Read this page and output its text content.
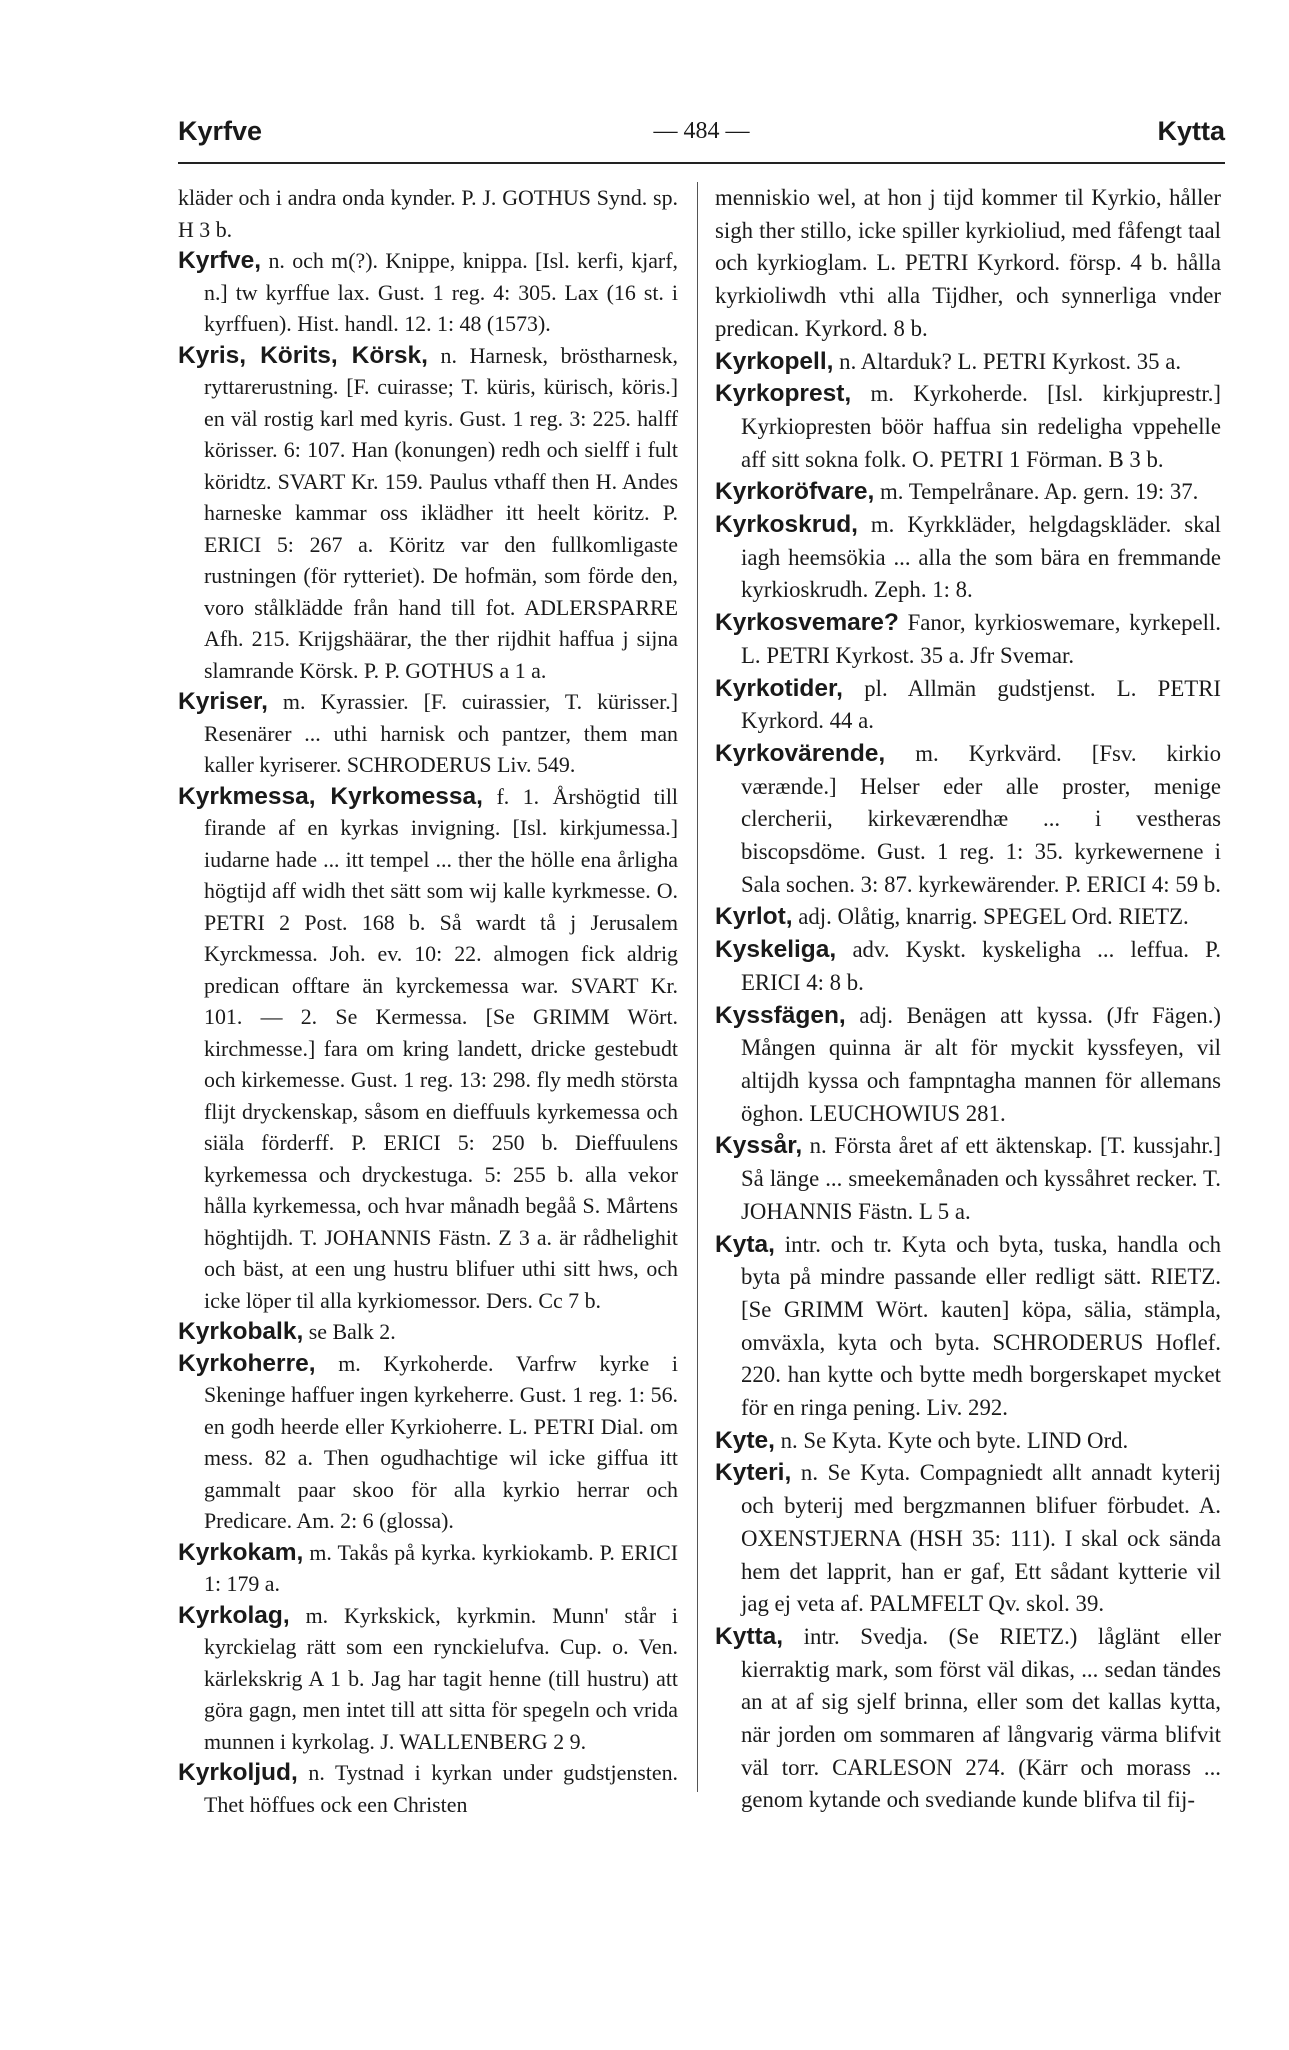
Kyrfve	— 484 —	Kytta

kläder och i andra onda kynder. P. J. GOTHUS Synd. sp. H 3 b.

Kyrfve, n. och m(?). Knippe, knippa. [Isl. kerfi, kjarf, n.] tw kyrffue lax. Gust. 1 reg. 4: 305. Lax (16 st. i kyrffuen). Hist. handl. 12. 1: 48 (1573).

Kyris, Körits, Körsk, n. Harnesk, bröstharnesk, ryttarerustning. [F. cuirasse; T. küris, kürisch, köris.] en väl rostig karl med kyris. Gust. 1 reg. 3: 225. halff körisser. 6: 107. Han (konungen) redh och sielff i fult köridtz. SVART Kr. 159. Paulus vthaff then H. Andes harneske kammar oss iklädher itt heelt köritz. P. ERICI 5: 267 a. Köritz var den fullkomligaste rustningen (för rytteriet). De hofmän, som förde den, voro stålklädde från hand till fot. ADLERSPARRE Afh. 215. Krijgshäärar, the ther rijdhit haffua j sijna slamrande Körsk. P. P. GOTHUS a 1 a.

Kyriser, m. Kyrassier. [F. cuirassier, T. kürisser.] Resenärer ... uthi harnisk och pantzer, them man kaller kyriserer. SCHRODERUS Liv. 549.

Kyrkmessa, Kyrkomessa, f. 1. Årshögtid till firande af en kyrkas invigning. [Isl. kirkjumessa.] iudarne hade ... itt tempel ... ther the hölle ena årligha högtijd aff widh thet sätt som wij kalle kyrkmesse. O. PETRI 2 Post. 168 b. Så wardt tå j Jerusalem Kyrckmessa. Joh. ev. 10: 22. almogen fick aldrig predican offtare än kyrckemessa war. SVART Kr. 101. — 2. Se Kermessa. [Se GRIMM Wört. kirchmesse.] fara om kring landett, dricke gestebudt och kirkemesse. Gust. 1 reg. 13: 298. fly medh största flijt dryckenskap, såsom en dieffuuls kyrkemessa och siäla förderff. P. ERICI 5: 250 b. Dieffuulens kyrkemessa och dryckestuga. 5: 255 b. alla vekor hålla kyrkemessa, och hvar månadh begåå S. Mårtens höghtijdh. T. JOHANNIS Fästn. Z 3 a. är rådhelighit och bäst, at een ung hustru blifuer uthi sitt hws, och icke löper til alla kyrkiomessor. Ders. Cc 7 b.

Kyrkobalk, se Balk 2.

Kyrkoherre, m. Kyrkoherde. Varfrw kyrke i Skeninge haffuer ingen kyrkeherre. Gust. 1 reg. 1: 56. en godh heerde eller Kyrkioherre. L. PETRI Dial. om mess. 82 a. Then ogudhachtige wil icke giffua itt gammalt paar skoo för alla kyrkio herrar och Predicare. Am. 2: 6 (glossa).

Kyrkokam, m. Takås på kyrka. kyrkiokamb. P. ERICI 1: 179 a.

Kyrkolag, m. Kyrkskick, kyrkmin. Munn' står i kyrckielag rätt som een rynckielufva. Cup. o. Ven. kärlekskrig A 1 b. Jag har tagit henne (till hustru) att göra gagn, men intet till att sitta för spegeln och vrida munnen i kyrkolag. J. WALLENBERG 2 9.

Kyrkoljud, n. Tystnad i kyrkan under gudstjensten. Thet höffues ock een Christen

menniskio wel, at hon j tijd kommer til Kyrkio, håller sigh ther stillo, icke spiller kyrkioliud, med fåfengt taal och kyrkioglam. L. PETRI Kyrkord. försp. 4 b. hålla kyrkioliwdh vthi alla Tijdher, och synnerliga vnder predican. Kyrkord. 8 b.

Kyrkopell, n. Altarduk? L. PETRI Kyrkost. 35 a.

Kyrkoprest, m. Kyrkoherde. [Isl. kirkjuprestr.] Kyrkiopresten böör haffua sin redeligha vppehelle aff sitt sokna folk. O. PETRI 1 Förman. B 3 b.

Kyrkoröfvare, m. Tempelrånare. Ap. gern. 19: 37.

Kyrkoskrud, m. Kyrkkläder, helgdagskläder. skal iagh heemsökia ... alla the som bära en fremmande kyrkioskrudh. Zeph. 1: 8.

Kyrkosvemare? Fanor, kyrkioswemare, kyrkepell. L. PETRI Kyrkost. 35 a. Jfr Svemar.

Kyrkotider, pl. Allmän gudstjenst. L. PETRI Kyrkord. 44 a.

Kyrkovärende, m. Kyrkvärd. [Fsv. kirkio værænde.] Helser eder alle proster, menige clercherii, kirkeværendhæ ... i vestheras biscopsdöme. Gust. 1 reg. 1: 35. kyrkewernene i Sala sochen. 3: 87. kyrkewärender. P. ERICI 4: 59 b.

Kyrlot, adj. Olåtig, knarrig. SPEGEL Ord. RIETZ.

Kyskeliga, adv. Kyskt. kyskeligha ... leffua. P. ERICI 4: 8 b.

Kyssfägen, adj. Benägen att kyssa. (Jfr Fägen.) Mången quinna är alt för myckit kyssfeyen, vil altijdh kyssa och fampntagha mannen för allemans öghon. LEUCHOWIUS 281.

Kyssår, n. Första året af ett äktenskap. [T. kussjahr.] Så länge ... smeekemånaden och kyssåhret recker. T. JOHANNIS Fästn. L 5 a.

Kyta, intr. och tr. Kyta och byta, tuska, handla och byta på mindre passande eller redligt sätt. RIETZ. [Se GRIMM Wört. kauten] köpa, sälia, stämpla, omväxla, kyta och byta. SCHRODERUS Hoflef. 220. han kytte och bytte medh borgerskapet mycket för en ringa pening. Liv. 292.

Kyte, n. Se Kyta. Kyte och byte. LIND Ord.

Kyteri, n. Se Kyta. Compagniedt allt annadt kyterij och byterij med bergzmannen blifuer förbudet. A. OXENSTJERNA (HSH 35: 111). I skal ock sända hem det lapprit, han er gaf, Ett sådant kytterie vil jag ej veta af. PALMFELT Qv. skol. 39.

Kytta, intr. Svedja. (Se RIETZ.) låglänt eller kierraktig mark, som först väl dikas, ... sedan tändes an at af sig sjelf brinna, eller som det kallas kytta, när jorden om sommaren af långvarig värma blifvit väl torr. CARLESON 274. (Kärr och morass ... genom kytande och svediande kunde blifva til fij-
